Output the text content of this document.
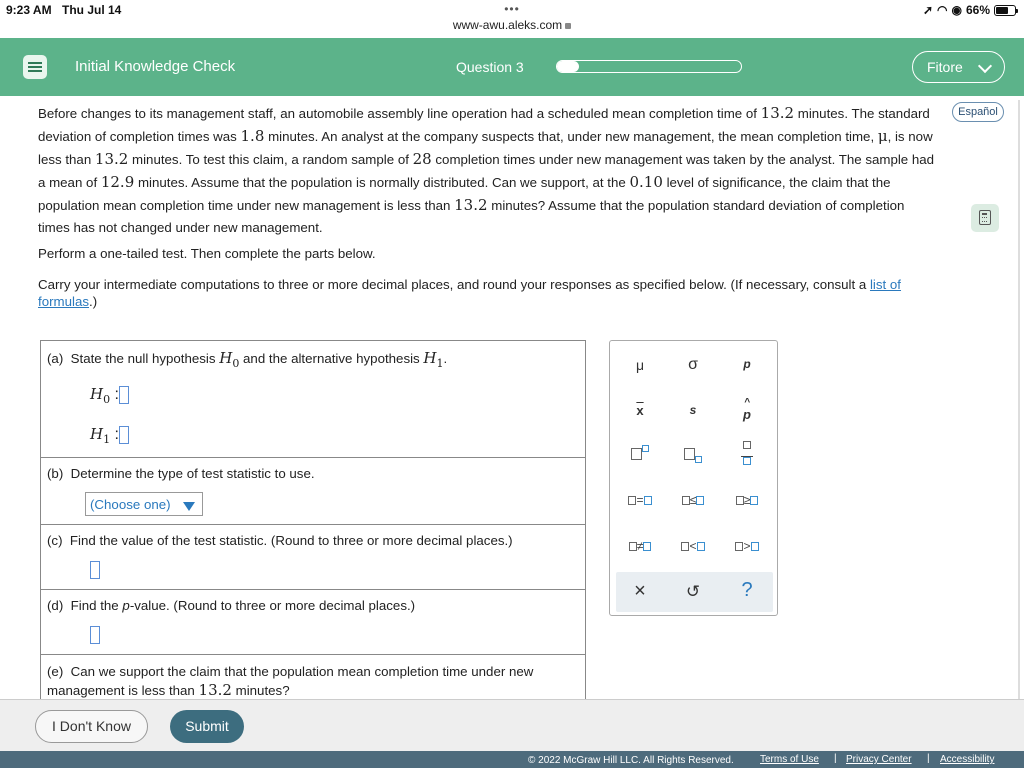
9:23 AM Thu Jul 14	➚ ◠ ◉ 66%
•••
www-awu.aleks.com
Initial Knowledge Check	Question 3	Fitore
Español
Before changes to its management staff, an automobile assembly line operation had a scheduled mean completion time of 13.2 minutes. The standard deviation of completion times was 1.8 minutes. An analyst at the company suspects that, under new management, the mean completion time, μ, is now less than 13.2 minutes. To test this claim, a random sample of 28 completion times under new management was taken by the analyst. The sample had a mean of 12.9 minutes. Assume that the population is normally distributed. Can we support, at the 0.10 level of significance, the claim that the population mean completion time under new management is less than 13.2 minutes? Assume that the population standard deviation of completion times has not changed under new management.
Perform a one-tailed test. Then complete the parts below.
Carry your intermediate computations to three or more decimal places, and round your responses as specified below. (If necessary, consult a list of formulas.)
(a) State the null hypothesis $H_0$ and the alternative hypothesis $H_1$.
$H_0$ :
$H_1$ :
(b) Determine the type of test statistic to use.
(Choose one)
(c) Find the value of the test statistic. (Round to three or more decimal places.)
(d) Find the p-value. (Round to three or more decimal places.)
(e) Can we support the claim that the population mean completion time under new management is less than 13.2 minutes?
μ	σ	p
$\overline{x}$	s
^
p

=	≤	≥
≠	<	>
×	↺	?
I Don't Know	Submit
© 2022 McGraw Hill LLC. All Rights Reserved.	Terms of Use | Privacy Center | Accessibility
